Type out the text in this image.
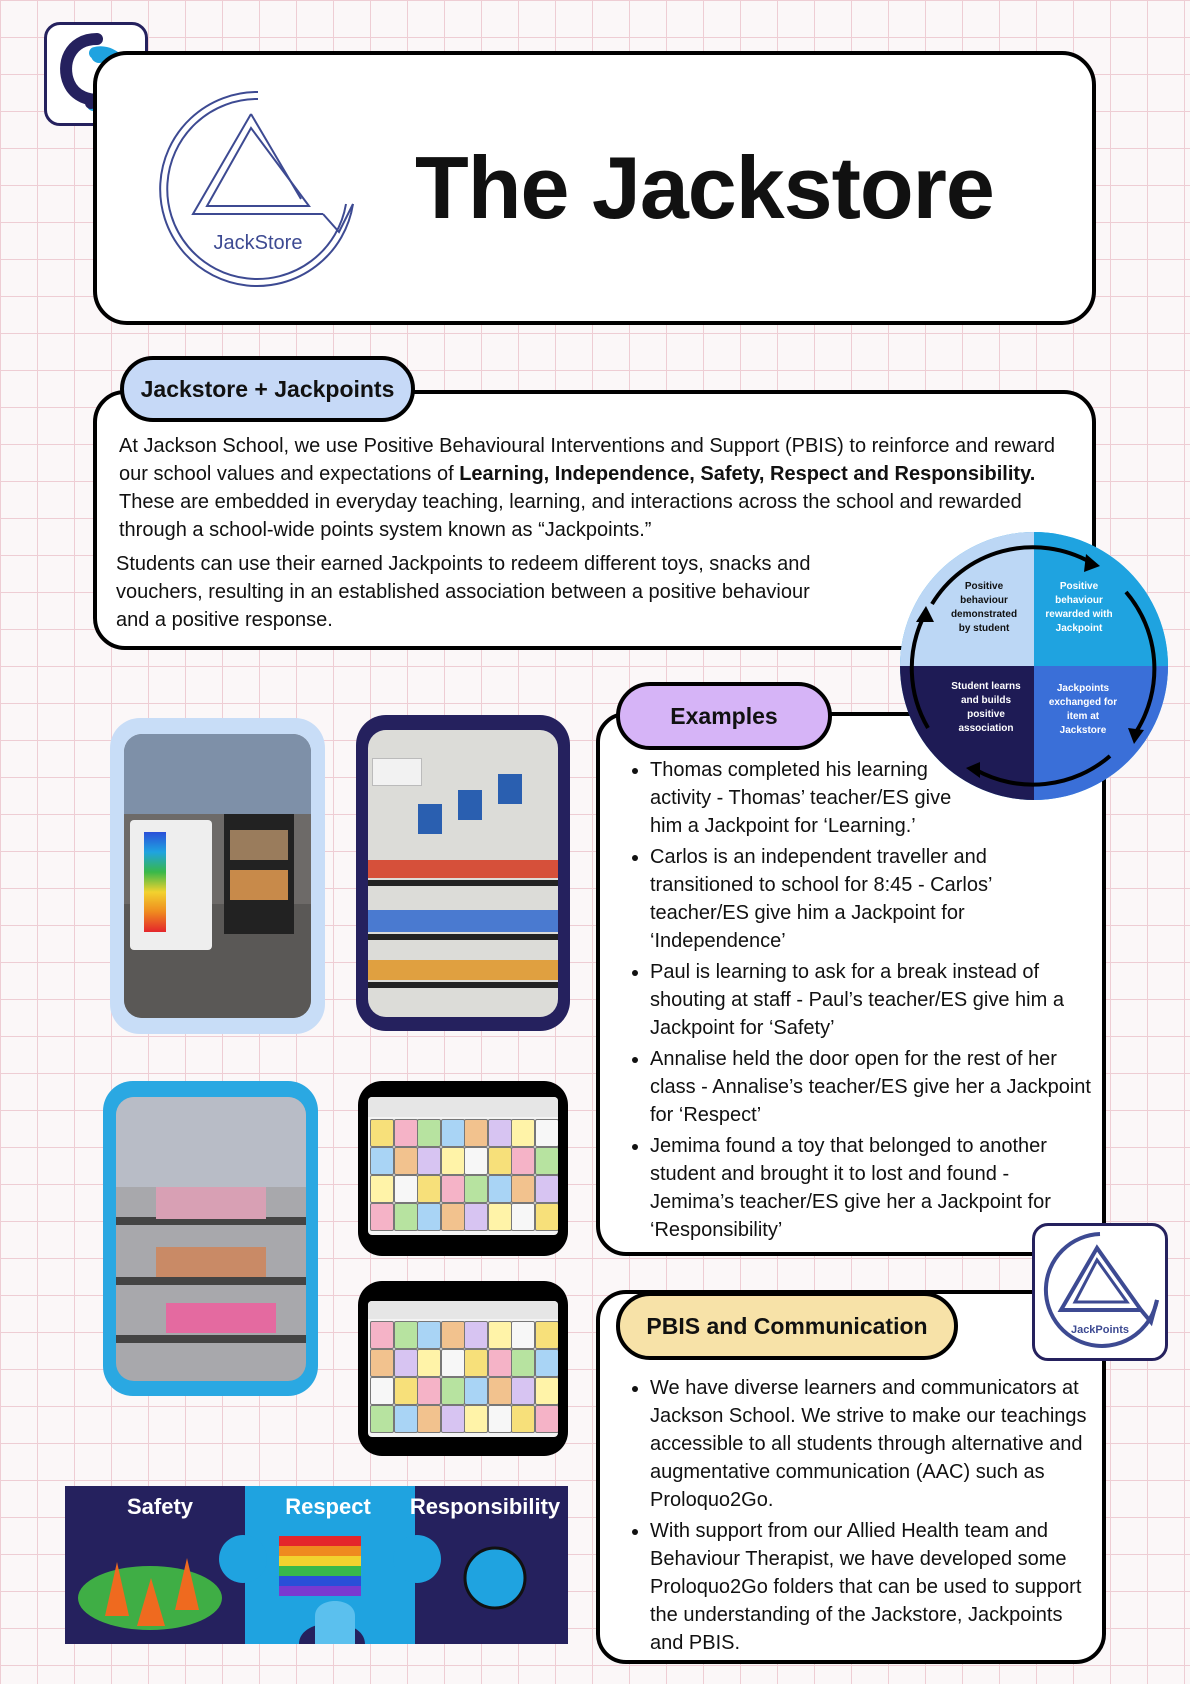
JackStore
The Jackstore
Jackstore + Jackpoints
At Jackson School, we use Positive Behavioural Interventions and Support (PBIS) to reinforce and reward our school values and expectations of Learning, Independence, Safety, Respect and Responsibility. These are embedded in everyday teaching, learning, and interactions across the school and rewarded through a school-wide points system known as “Jackpoints.”
Students can use their earned Jackpoints to redeem different toys, snacks and vouchers, resulting in an established association between a positive behaviour and a positive response.
Examples
• Thomas completed his learning activity - Thomas’ teacher/ES give him a Jackpoint for ‘Learning.’
• Carlos is an independent traveller and transitioned to school for 8:45 - Carlos’ teacher/ES give him a Jackpoint for ‘Independence’
• Paul is learning to ask for a break instead of shouting at staff - Paul’s teacher/ES give him a Jackpoint for ‘Safety’
• Annalise held the door open for the rest of her class - Annalise’s teacher/ES give her a Jackpoint for ‘Respect’
• Jemima found a toy that belonged to another student and brought it to lost and found - Jemima’s teacher/ES give her a Jackpoint for ‘Responsibility’
Positive behaviour demonstrated by student
Positive behaviour rewarded with Jackpoint
Jackpoints exchanged for item at Jackstore
Student learns and builds positive association
PBIS and Communication
• We have diverse learners and communicators at Jackson School. We strive to make our teachings accessible to all students through alternative and augmentative communication (AAC) such as Proloquo2Go.
• With support from our Allied Health team and Behaviour Therapist, we have developed some Proloquo2Go folders that can be used to support the understanding of the Jackstore, Jackpoints and PBIS.
JackPoints
Safety	Respect	Responsibility
